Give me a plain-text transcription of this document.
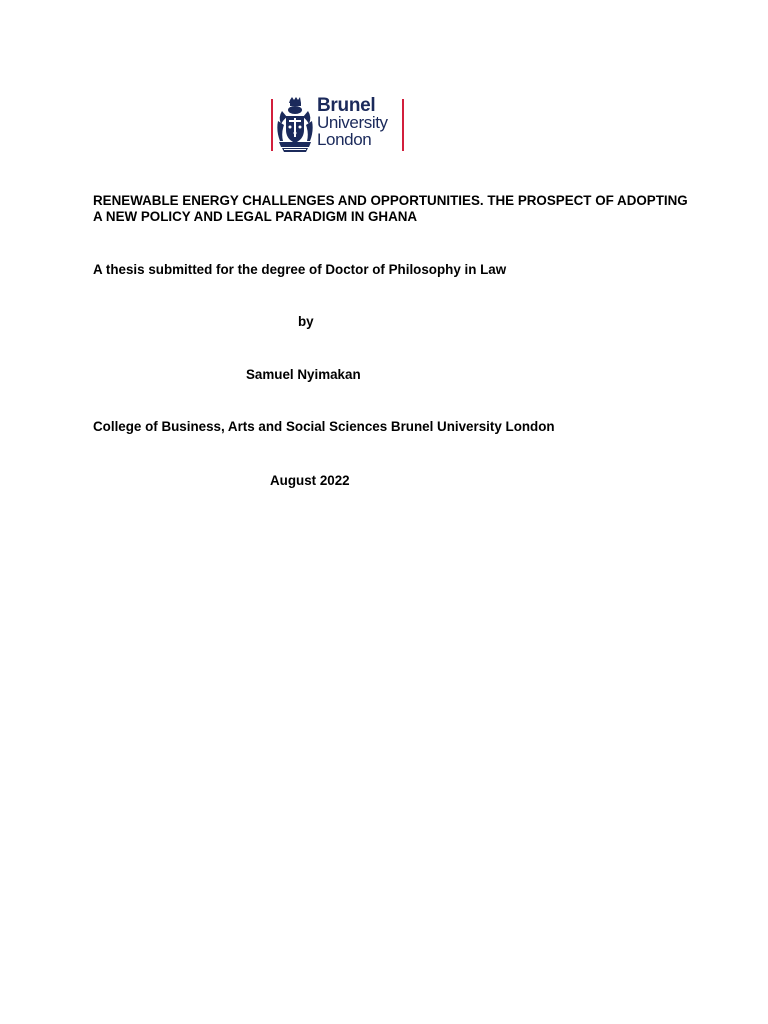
Brunel
University
London
RENEWABLE ENERGY CHALLENGES AND OPPORTUNITIES. THE PROSPECT OF ADOPTING A NEW POLICY AND LEGAL PARADIGM IN GHANA
A thesis submitted for the degree of Doctor of Philosophy in Law
by
Samuel Nyimakan
College of Business, Arts and Social Sciences Brunel University London
August 2022
